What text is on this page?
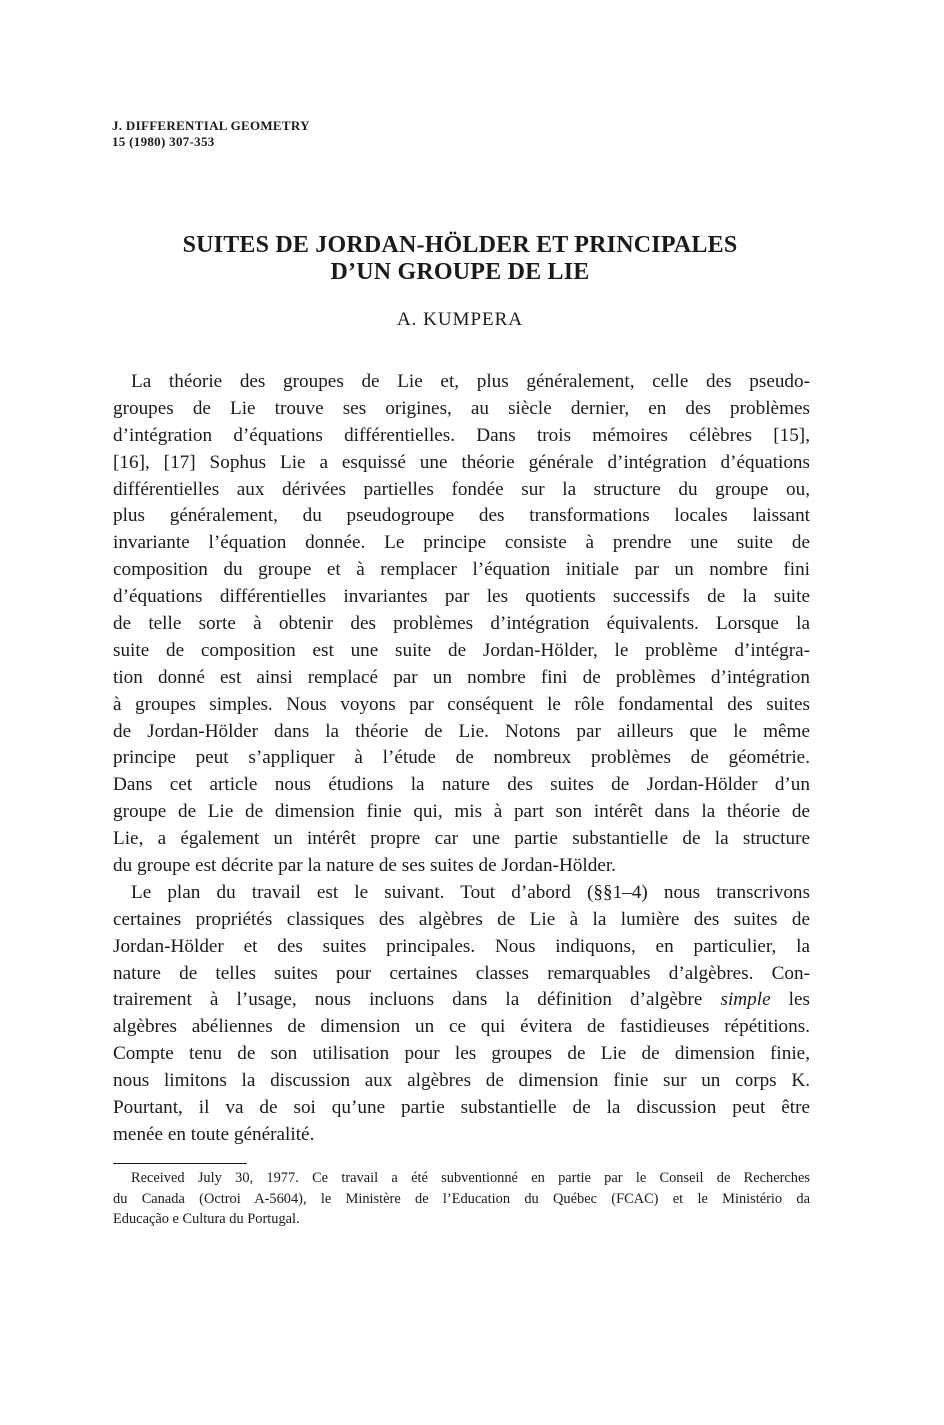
J. DIFFERENTIAL GEOMETRY
15 (1980) 307-353
SUITES DE JORDAN-HÖLDER ET PRINCIPALES
D’UN GROUPE DE LIE
A. KUMPERA
La théorie des groupes de Lie et, plus généralement, celle des pseudo-
groupes de Lie trouve ses origines, au siècle dernier, en des problèmes
d’intégration d’équations différentielles. Dans trois mémoires célèbres [15],
[16], [17] Sophus Lie a esquissé une théorie générale d’intégration d’équations
différentielles aux dérivées partielles fondée sur la structure du groupe ou,
plus généralement, du pseudogroupe des transformations locales laissant
invariante l’équation donnée. Le principe consiste à prendre une suite de
composition du groupe et à remplacer l’équation initiale par un nombre fini
d’équations différentielles invariantes par les quotients successifs de la suite
de telle sorte à obtenir des problèmes d’intégration équivalents. Lorsque la
suite de composition est une suite de Jordan-Hölder, le problème d’intégra-
tion donné est ainsi remplacé par un nombre fini de problèmes d’intégration
à groupes simples. Nous voyons par conséquent le rôle fondamental des suites
de Jordan-Hölder dans la théorie de Lie. Notons par ailleurs que le même
principe peut s’appliquer à l’étude de nombreux problèmes de géométrie.
Dans cet article nous étudions la nature des suites de Jordan-Hölder d’un
groupe de Lie de dimension finie qui, mis à part son intérêt dans la théorie de
Lie, a également un intérêt propre car une partie substantielle de la structure
du groupe est décrite par la nature de ses suites de Jordan-Hölder.
Le plan du travail est le suivant. Tout d’abord (§§1–4) nous transcrivons
certaines propriétés classiques des algèbres de Lie à la lumière des suites de
Jordan-Hölder et des suites principales. Nous indiquons, en particulier, la
nature de telles suites pour certaines classes remarquables d’algèbres. Con-
trairement à l’usage, nous incluons dans la définition d’algèbre simple les
algèbres abéliennes de dimension un ce qui évitera de fastidieuses répétitions.
Compte tenu de son utilisation pour les groupes de Lie de dimension finie,
nous limitons la discussion aux algèbres de dimension finie sur un corps K.
Pourtant, il va de soi qu’une partie substantielle de la discussion peut être
menée en toute généralité.
Received July 30, 1977. Ce travail a été subventionné en partie par le Conseil de Recherches
du Canada (Octroi A-5604), le Ministère de l’Education du Québec (FCAC) et le Ministério da
Educação e Cultura du Portugal.
